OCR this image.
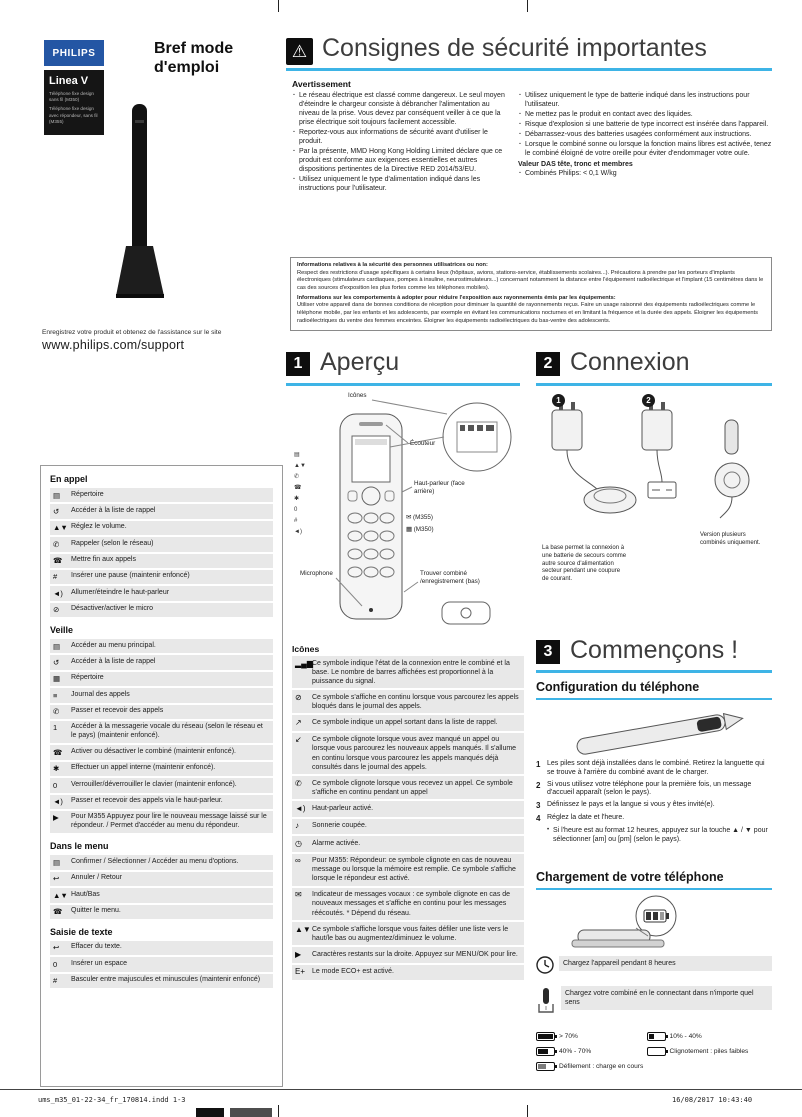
PHILIPS
Linea V
Téléphone fixe design sans fil (M350)
Téléphone fixe design avec répondeur, sans fil (M355)
Bref mode d'emploi
Enregistrez votre produit et obtenez de l'assistance sur le site
www.philips.com/support
⚠ Consignes de sécurité importantes
Avertissement
· Le réseau électrique est classé comme dangereux. Le seul moyen d'éteindre le chargeur consiste à débrancher l'alimentation au niveau de la prise. Vous devez par conséquent veiller à ce que la prise électrique soit toujours facilement accessible.
· Reportez-vous aux informations de sécurité avant d'utiliser le produit.
· Par la présente, MMD Hong Kong Holding Limited déclare que ce produit est conforme aux exigences essentielles et autres dispositions pertinentes de la Directive RED 2014/53/EU.
· Utilisez uniquement le type d'alimentation indiqué dans les instructions pour l'utilisateur.
· Utilisez uniquement le type de batterie indiqué dans les instructions pour l'utilisateur.
· Ne mettez pas le produit en contact avec des liquides.
· Risque d'explosion si une batterie de type incorrect est insérée dans l'appareil.
· Débarrassez-vous des batteries usagées conformément aux instructions.
· Lorsque le combiné sonne ou lorsque la fonction mains libres est activée, tenez le combiné éloigné de votre oreille pour éviter d'endommager votre ouïe.
Valeur DAS tête, tronc et membres
· Combinés Philips: < 0,1 W/kg
Informations relatives à la sécurité des personnes utilisatrices ou non:
Respect des restrictions d'usage spécifiques à certains lieux (hôpitaux, avions, stations-service, établissements scolaires...). Précautions à prendre par les porteurs d'implants électroniques (stimulateurs cardiaques, pompes à insuline, neurostimulateurs...) concernant notamment la distance entre l'équipement radioélectrique et l'implant (15 centimètres dans le cas des sources d'exposition les plus fortes comme les téléphones mobiles).
Informations sur les comportements à adopter pour réduire l'exposition aux rayonnements émis par les équipements:
Utiliser votre appareil dans de bonnes conditions de réception pour diminuer la quantité de rayonnements reçus. Faire un usage raisonné des équipements radioélectriques comme le téléphone mobile, par les enfants et les adolescents, par exemple en évitant les communications nocturnes et en limitant la fréquence et la durée des appels. Éloigner les équipements radioélectriques du ventre des femmes enceintes. Éloigner les équipements radioélectriques du bas-ventre des adolescents.
En appel
▤	Répertoire
↺	Accéder à la liste de rappel
▲▼ Réglez le volume.
✆	Rappeler (selon le réseau)
☎	Mettre fin aux appels
#	Insérer une pause (maintenir enfoncé)
◄)	Allumer/éteindre le haut-parleur
⊘	Désactiver/activer le micro
Veille
▤	Accéder au menu principal.
↺	Accéder à la liste de rappel
▦	Répertoire
≡	Journal des appels
✆	Passer et recevoir des appels
1	Accéder à la messagerie vocale du réseau (selon le réseau et le pays) (maintenir enfoncé).
☎	Activer ou désactiver le combiné (maintenir enfoncé).
✱	Effectuer un appel interne (maintenir enfoncé).
0	Verrouiller/déverrouiller le clavier (maintenir enfoncé).
◄)	Passer et recevoir des appels via le haut-parleur.
▶	Pour M355 Appuyez pour lire le nouveau message laissé sur le répondeur. / Permet d'accéder au menu du répondeur.
Dans le menu
▤	Confirmer / Sélectionner / Accéder au menu d'options.
↩	Annuler / Retour
▲▼ Haut/Bas
☎	Quitter le menu.
Saisie de texte
↩	Effacer du texte.
0	Insérer un espace
#	Basculer entre majuscules et minuscules (maintenir enfoncé)
1 Aperçu
Icônes
Écouteur
Haut-parleur (face arrière)
▤
▲▼
✆
☎
✱
0
#
◄)
✉ (M355)
▦ (M350)
Microphone	Trouver combiné /enregistrement (bas)
Icônes
▂▄▆ Ce symbole indique l'état de la connexion entre le combiné et la base. Le nombre de barres affichées est proportionnel à la puissance du signal.
⊘	Ce symbole s'affiche en continu lorsque vous parcourez les appels bloqués dans le journal des appels.
↗	Ce symbole indique un appel sortant dans la liste de rappel.
↙	Ce symbole clignote lorsque vous avez manqué un appel ou lorsque vous parcourez les nouveaux appels manqués. Il s'allume en continu lorsque vous parcourez les appels manqués déjà consultés dans le journal des appels.
✆	Ce symbole clignote lorsque vous recevez un appel. Ce symbole s'affiche en continu pendant un appel
◄) Haut-parleur activé.
♪	Sonnerie coupée.
◷	Alarme activée.
∞	Pour M355: Répondeur: ce symbole clignote en cas de nouveau message ou lorsque la mémoire est remplie. Ce symbole s'affiche lorsque le répondeur est activé.
✉	Indicateur de messages vocaux : ce symbole clignote en cas de nouveaux messages et s'affiche en continu pour les messages réécoutés. * Dépend du réseau.
▲▼ Ce symbole s'affiche lorsque vous faites défiler une liste vers le haut/le bas ou augmentez/diminuez le volume.
▶	Caractères restants sur la droite. Appuyez sur MENU/OK pour lire.
E+ Le mode ECO+ est activé.
2 Connexion
1	2
La base permet la connexion à une batterie de secours comme autre source d'alimentation secteur pendant une coupure de courant.
Version plusieurs combinés uniquement.
3 Commençons !
Configuration du téléphone
1 Les piles sont déjà installées dans le combiné. Retirez la languette qui se trouve à l'arrière du combiné avant de le charger.
2 Si vous utilisez votre téléphone pour la première fois, un message d'accueil apparaît (selon le pays).
3 Définissez le pays et la langue si vous y êtes invité(e).
4 Réglez la date et l'heure.
• Si l'heure est au format 12 heures, appuyez sur la touche ▲ / ▼ pour sélectionner [am] ou [pm] (selon le pays).
Chargement de votre téléphone
Chargez l'appareil pendant 8 heures
Chargez votre combiné en le connectant dans n'importe quel sens
> 70%	10% - 40%
40% - 70%	Clignotement : piles faibles
Défilement : charge en cours
ums_m35_01-22-34_fr_170814.indd 1-3	16/08/2017 10:43:40
